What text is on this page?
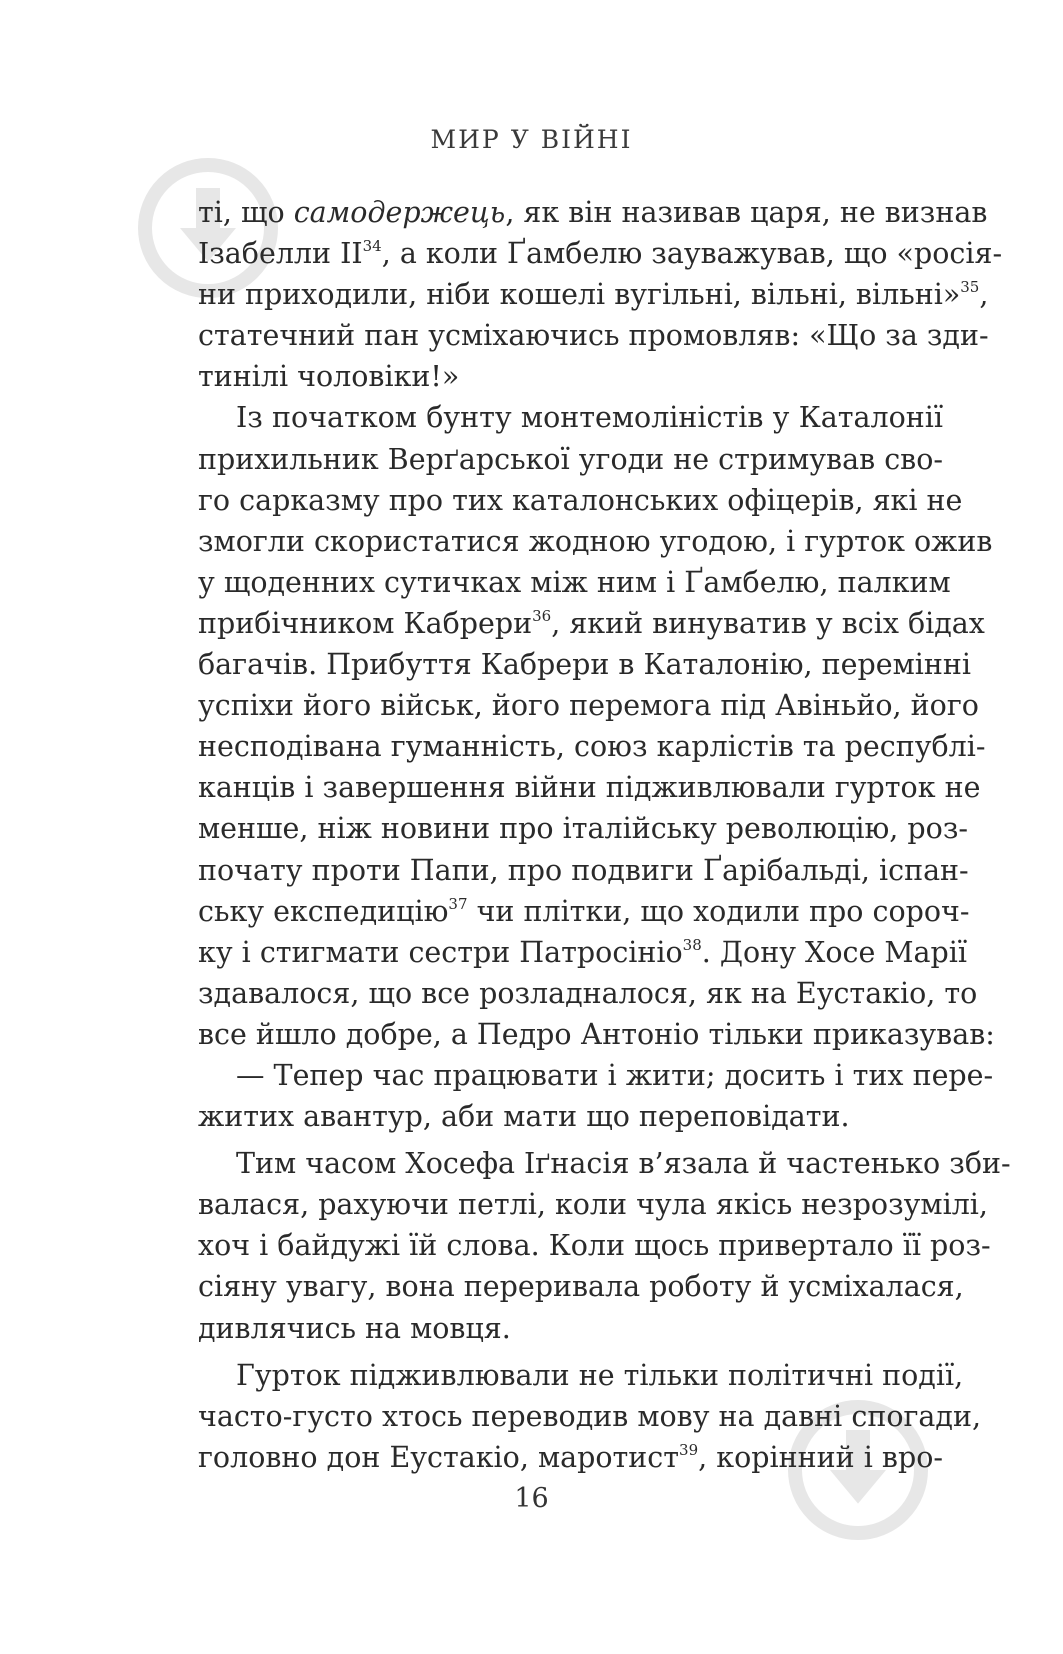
МИР У ВІЙНІ
ті, що самодержець, як він називав царя, не визнав
Ізабелли ІІ$^{34}$, а коли Ґамбелю зауважував, що «росія-
ни приходили, ніби кошелі вугільні, вільні, вільні»$^{35}$,
статечний пан усміхаючись промовляв: «Що за зди-
тинілі чоловіки!»
Із початком бунту монтемоліністів у Каталонії
прихильник Верґарської угоди не стримував сво-
го сарказму про тих каталонських офіцерів, які не
змогли скористатися жодною угодою, і гурток ожив
у щоденних сутичках між ним і Ґамбелю, палким
прибічником Кабрери$^{36}$, який винуватив у всіх бідах
багачів. Прибуття Кабрери в Каталонію, перемінні
успіхи його військ, його перемога під Авіньйо, його
несподівана гуманність, союз карлістів та республі-
канців і завершення війни підживлювали гурток не
менше, ніж новини про італійську революцію, роз-
почату проти Папи, про подвиги Ґарібальді, іспан-
ську експедицію$^{37}$ чи плітки, що ходили про сороч-
ку і стигмати сестри Патросініо$^{38}$. Дону Хосе Марії
здавалося, що все розладналося, як на Еустакіо, то
все йшло добре, а Педро Антоніо тільки приказував:
— Тепер час працювати і жити; досить і тих пере-
житих авантур, аби мати що переповідати.
Тим часом Хосефа Іґнасія в’язала й частенько зби-
валася, рахуючи петлі, коли чула якісь незрозумілі,
хоч і байдужі їй слова. Коли щось привертало її роз-
сіяну увагу, вона переривала роботу й усміхалася,
дивлячись на мовця.
Гурток підживлювали не тільки політичні події,
часто-густо хтось переводив мову на давні спогади,
головно дон Еустакіо, маротист$^{39}$, корінний і вро-
16
